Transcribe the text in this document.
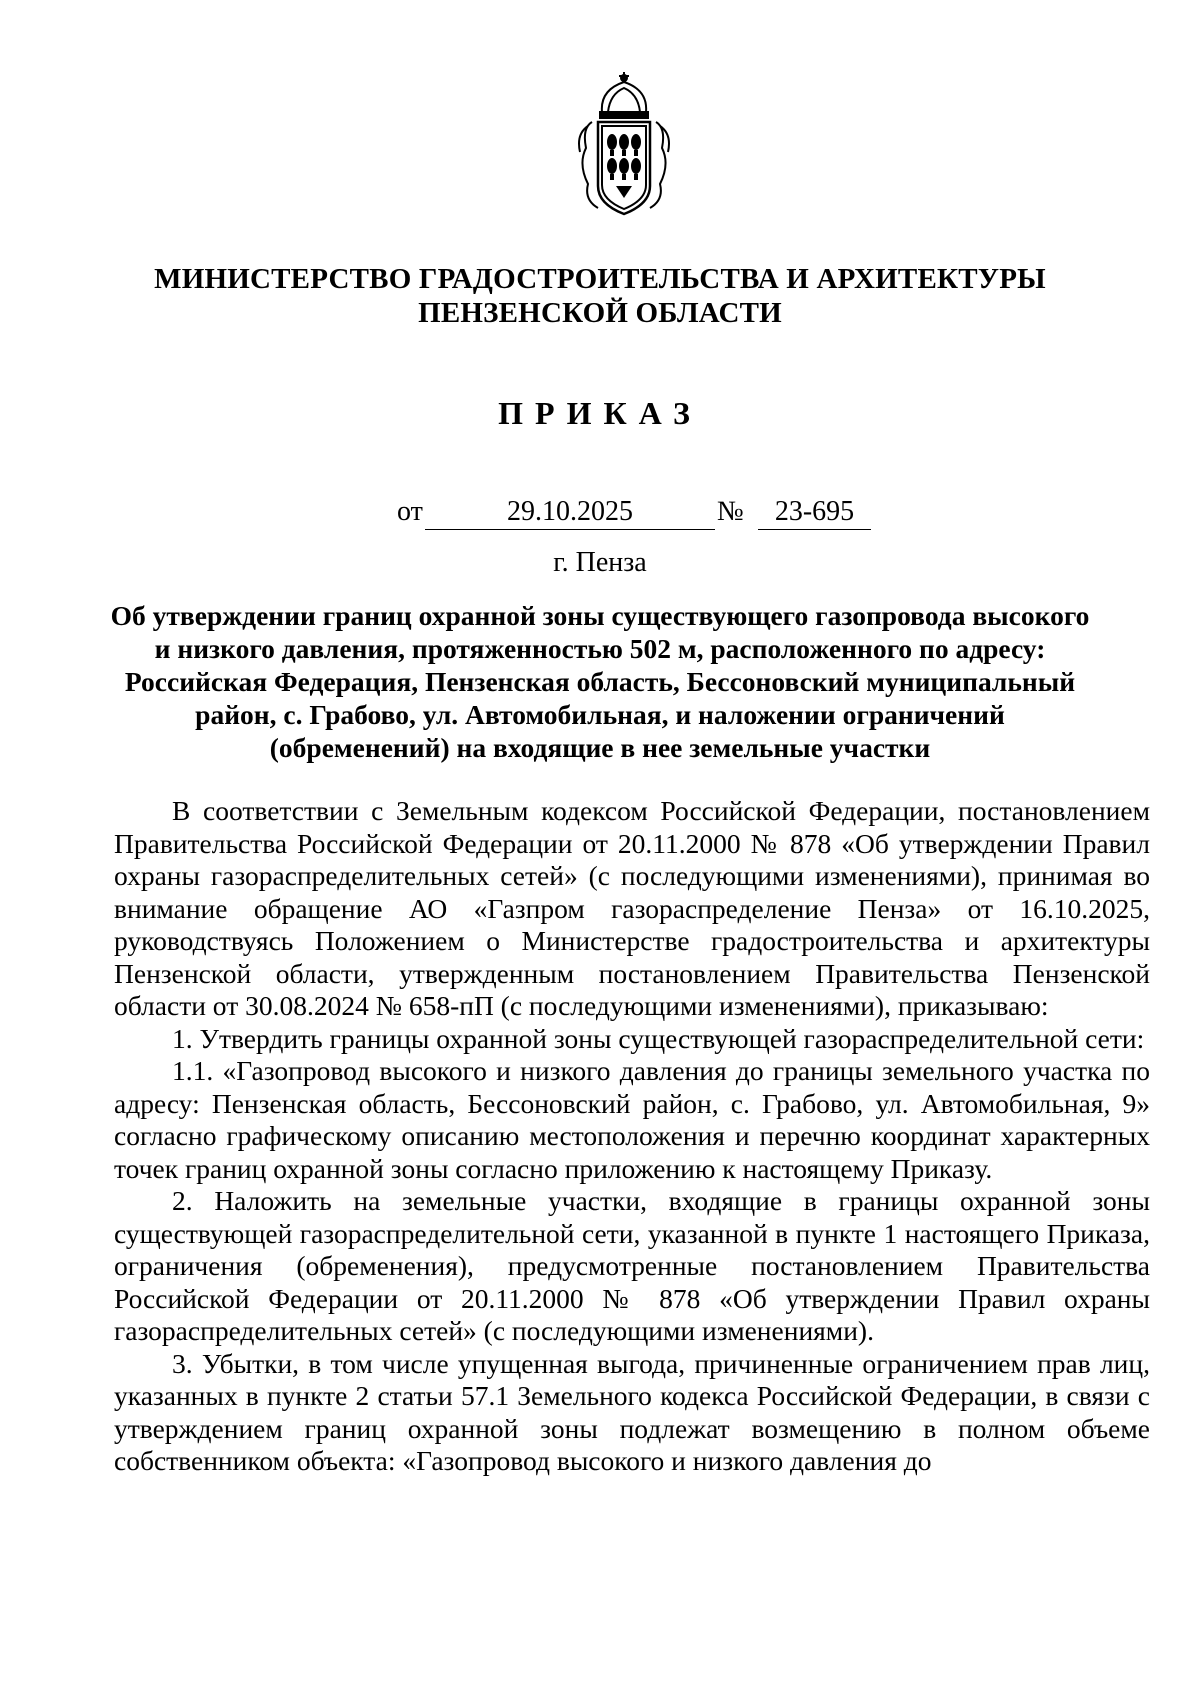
МИНИСТЕРСТВО ГРАДОСТРОИТЕЛЬСТВА И АРХИТЕКТУРЫ
ПЕНЗЕНСКОЙ ОБЛАСТИ
ПРИКАЗ
от	29.10.2025	№	23-695
г. Пенза
Об утверждении границ охранной зоны существующего газопровода высокого
и низкого давления, протяженностью 502 м, расположенного по адресу:
Российская Федерация, Пензенская область, Бессоновский муниципальный
район, с. Грабово, ул. Автомобильная, и наложении ограничений
(обременений) на входящие в нее земельные участки

В соответствии с Земельным кодексом Российской Федерации, постановлением Правительства Российской Федерации от 20.11.2000 № 878 «Об утверждении Правил охраны газораспределительных сетей» (с последующими изменениями), принимая во внимание обращение АО «Газпром газораспределение Пенза» от 16.10.2025, руководствуясь Положением о Министерстве градостроительства и архитектуры Пензенской области, утвержденным постановлением Правительства Пензенской области от 30.08.2024 № 658-пП (с последующими изменениями), приказываю:

1. Утвердить границы охранной зоны существующей газораспределительной сети:

1.1. «Газопровод высокого и низкого давления до границы земельного участка по адресу: Пензенская область, Бессоновский район, с. Грабово, ул. Автомобильная, 9» согласно графическому описанию местоположения и перечню координат характерных точек границ охранной зоны согласно приложению к настоящему Приказу.

2. Наложить на земельные участки, входящие в границы охранной зоны существующей газораспределительной сети, указанной в пункте 1 настоящего Приказа, ограничения (обременения), предусмотренные постановлением Правительства Российской Федерации от 20.11.2000 № 878 «Об утверждении Правил охраны газораспределительных сетей» (с последующими изменениями).

3. Убытки, в том числе упущенная выгода, причиненные ограничением прав лиц, указанных в пункте 2 статьи 57.1 Земельного кодекса Российской Федерации, в связи с утверждением границ охранной зоны подлежат возмещению в полном объеме собственником объекта: «Газопровод высокого и низкого давления до
